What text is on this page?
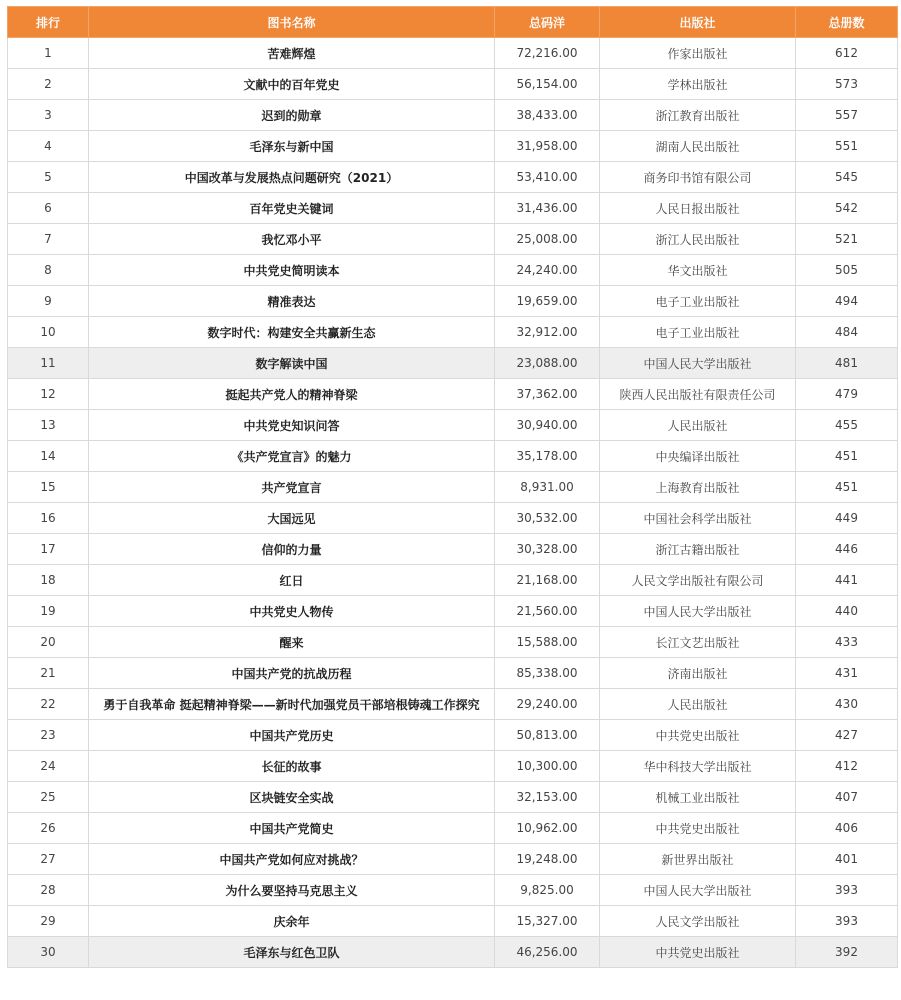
排行	图书名称	总码洋	出版社	总册数
1	苦难辉煌	72,216.00	作家出版社	612
2	文献中的百年党史	56,154.00	学林出版社	573
3	迟到的勋章	38,433.00	浙江教育出版社	557
4	毛泽东与新中国	31,958.00	湖南人民出版社	551
5	中国改革与发展热点问题研究（2021）	53,410.00	商务印书馆有限公司	545
6	百年党史关键词	31,436.00	人民日报出版社	542
7	我忆邓小平	25,008.00	浙江人民出版社	521
8	中共党史简明读本	24,240.00	华文出版社	505
9	精准表达	19,659.00	电子工业出版社	494
10	数字时代：构建安全共赢新生态	32,912.00	电子工业出版社	484
11	数字解读中国	23,088.00	中国人民大学出版社	481
12	挺起共产党人的精神脊梁	37,362.00	陕西人民出版社有限责任公司	479
13	中共党史知识问答	30,940.00	人民出版社	455
14	《共产党宣言》的魅力	35,178.00	中央编译出版社	451
15	共产党宣言	8,931.00	上海教育出版社	451
16	大国远见	30,532.00	中国社会科学出版社	449
17	信仰的力量	30,328.00	浙江古籍出版社	446
18	红日	21,168.00	人民文学出版社有限公司	441
19	中共党史人物传	21,560.00	中国人民大学出版社	440
20	醒来	15,588.00	长江文艺出版社	433
21	中国共产党的抗战历程	85,338.00	济南出版社	431
22	勇于自我革命 挺起精神脊梁——新时代加强党员干部培根铸魂工作探究	29,240.00	人民出版社	430
23	中国共产党历史	50,813.00	中共党史出版社	427
24	长征的故事	10,300.00	华中科技大学出版社	412
25	区块链安全实战	32,153.00	机械工业出版社	407
26	中国共产党简史	10,962.00	中共党史出版社	406
27	中国共产党如何应对挑战？	19,248.00	新世界出版社	401
28	为什么要坚持马克思主义	9,825.00	中国人民大学出版社	393
29	庆余年	15,327.00	人民文学出版社	393
30	毛泽东与红色卫队	46,256.00	中共党史出版社	392
